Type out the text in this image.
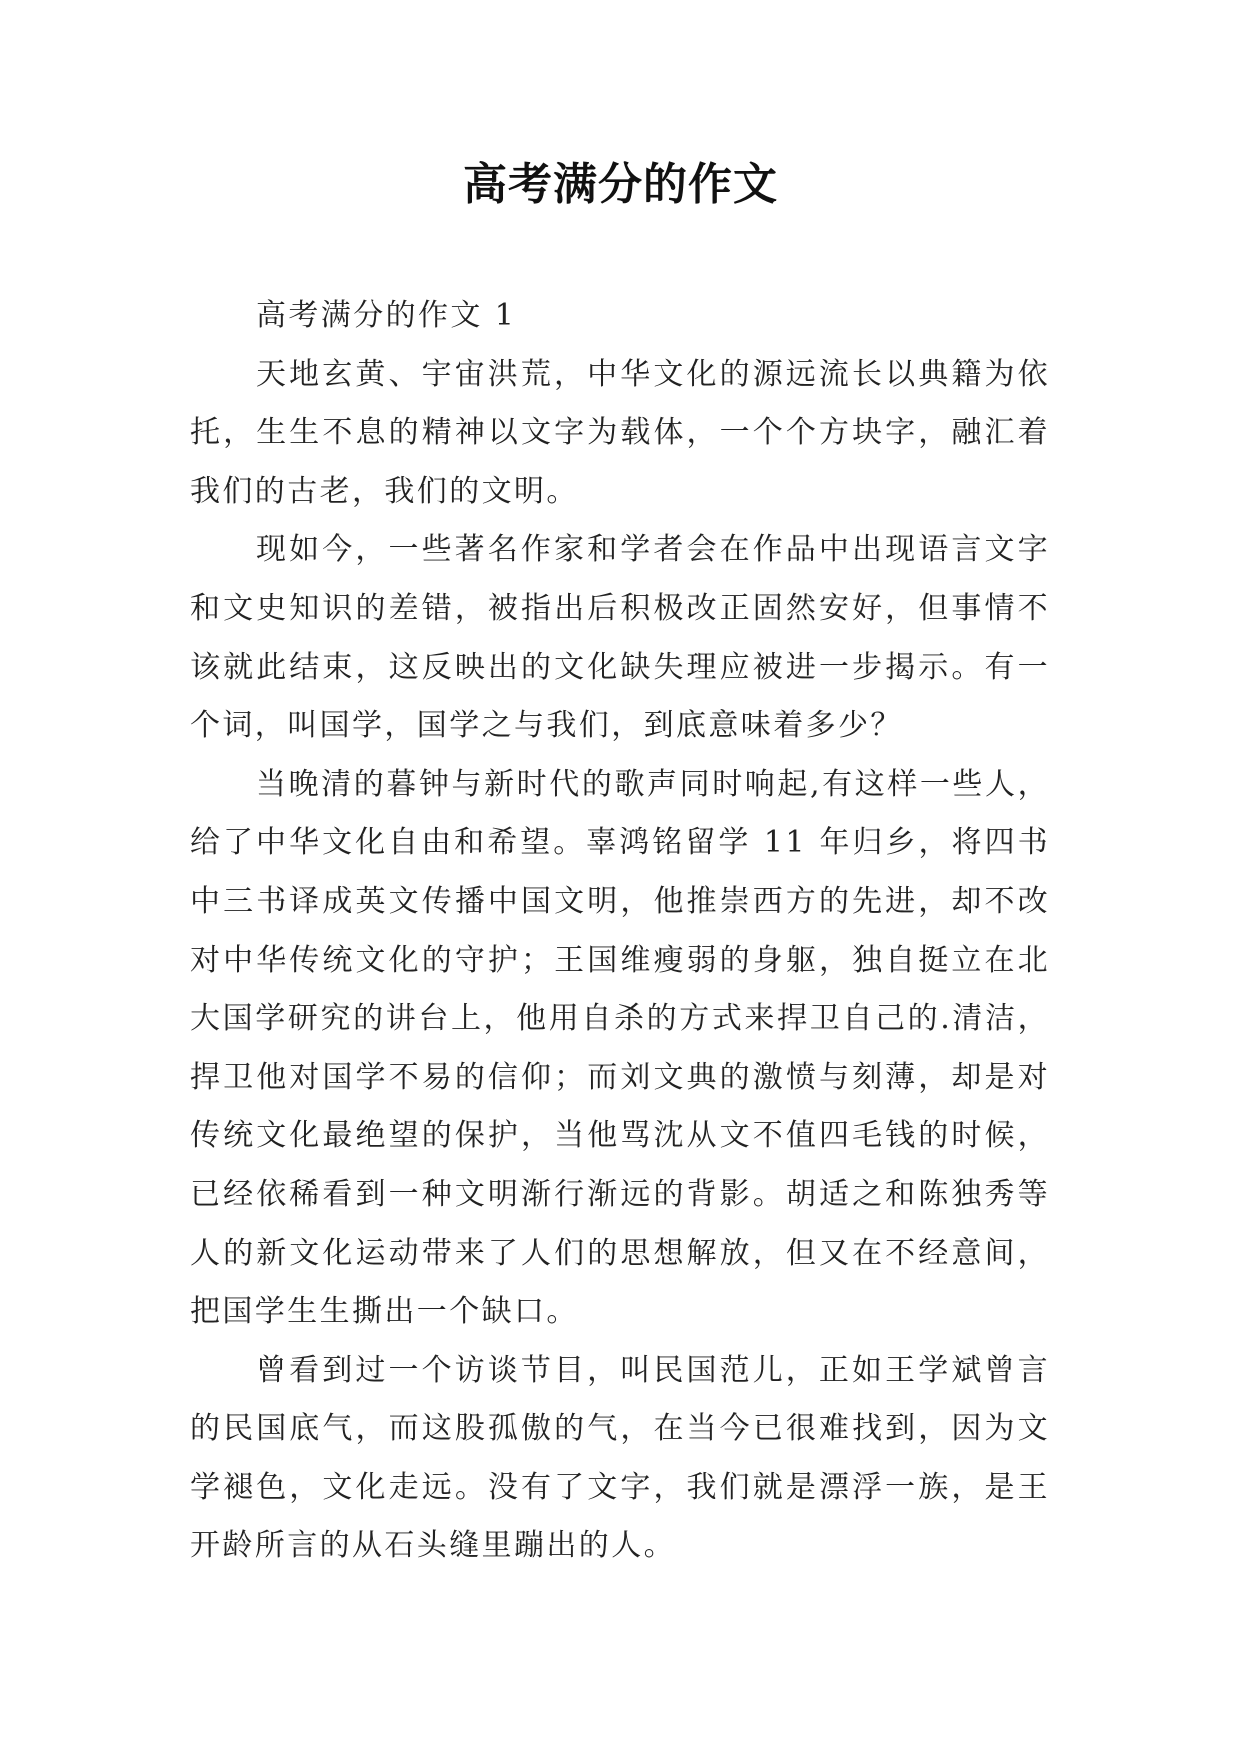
高考满分的作文

高考满分的作文 1

天地玄黄、宇宙洪荒，中华文化的源远流长以典籍为依托，生生不息的精神以文字为载体，一个个方块字，融汇着我们的古老，我们的文明。

现如今，一些著名作家和学者会在作品中出现语言文字和文史知识的差错，被指出后积极改正固然安好，但事情不该就此结束，这反映出的文化缺失理应被进一步揭示。有一个词，叫国学，国学之与我们，到底意味着多少？

当晚清的暮钟与新时代的歌声同时响起,有这样一些人，给了中华文化自由和希望。辜鸿铭留学 11 年归乡，将四书中三书译成英文传播中国文明，他推崇西方的先进，却不改对中华传统文化的守护；王国维瘦弱的身躯，独自挺立在北大国学研究的讲台上，他用自杀的方式来捍卫自己的.清洁，捍卫他对国学不易的信仰；而刘文典的激愤与刻薄，却是对传统文化最绝望的保护，当他骂沈从文不值四毛钱的时候，已经依稀看到一种文明渐行渐远的背影。胡适之和陈独秀等人的新文化运动带来了人们的思想解放，但又在不经意间，把国学生生撕出一个缺口。

曾看到过一个访谈节目，叫民国范儿，正如王学斌曾言的民国底气，而这股孤傲的气，在当今已很难找到，因为文学褪色，文化走远。没有了文字，我们就是漂浮一族，是王开龄所言的从石头缝里蹦出的人。
